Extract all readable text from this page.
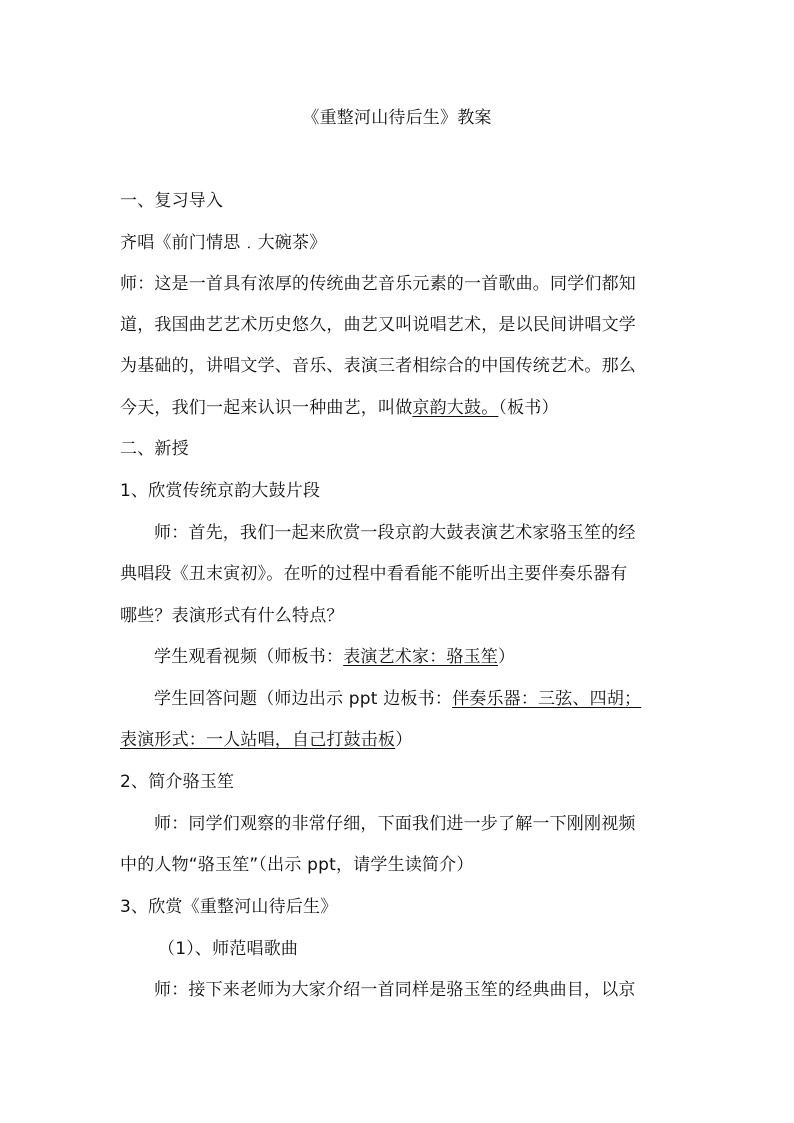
《重整河山待后生》教案
一、复习导入
齐唱《前门情思﹒大碗茶》
师：这是一首具有浓厚的传统曲艺音乐元素的一首歌曲。同学们都知
道，我国曲艺艺术历史悠久，曲艺又叫说唱艺术，是以民间讲唱文学
为基础的，讲唱文学、音乐、表演三者相综合的中国传统艺术。那么
今天，我们一起来认识一种曲艺，叫做京韵大鼓。（板书）
二、新授
1、欣赏传统京韵大鼓片段
师：首先，我们一起来欣赏一段京韵大鼓表演艺术家骆玉笙的经
典唱段《丑末寅初》。在听的过程中看看能不能听出主要伴奏乐器有
哪些？表演形式有什么特点？
学生观看视频（师板书：表演艺术家：骆玉笙）
学生回答问题（师边出示 ppt 边板书：伴奏乐器：三弦、四胡；
表演形式：一人站唱，自己打鼓击板）
2、简介骆玉笙
师：同学们观察的非常仔细，下面我们进一步了解一下刚刚视频
中的人物“骆玉笙”（出示 ppt，请学生读简介）
3、欣赏《重整河山待后生》
（1）、师范唱歌曲
师：接下来老师为大家介绍一首同样是骆玉笙的经典曲目，以京
